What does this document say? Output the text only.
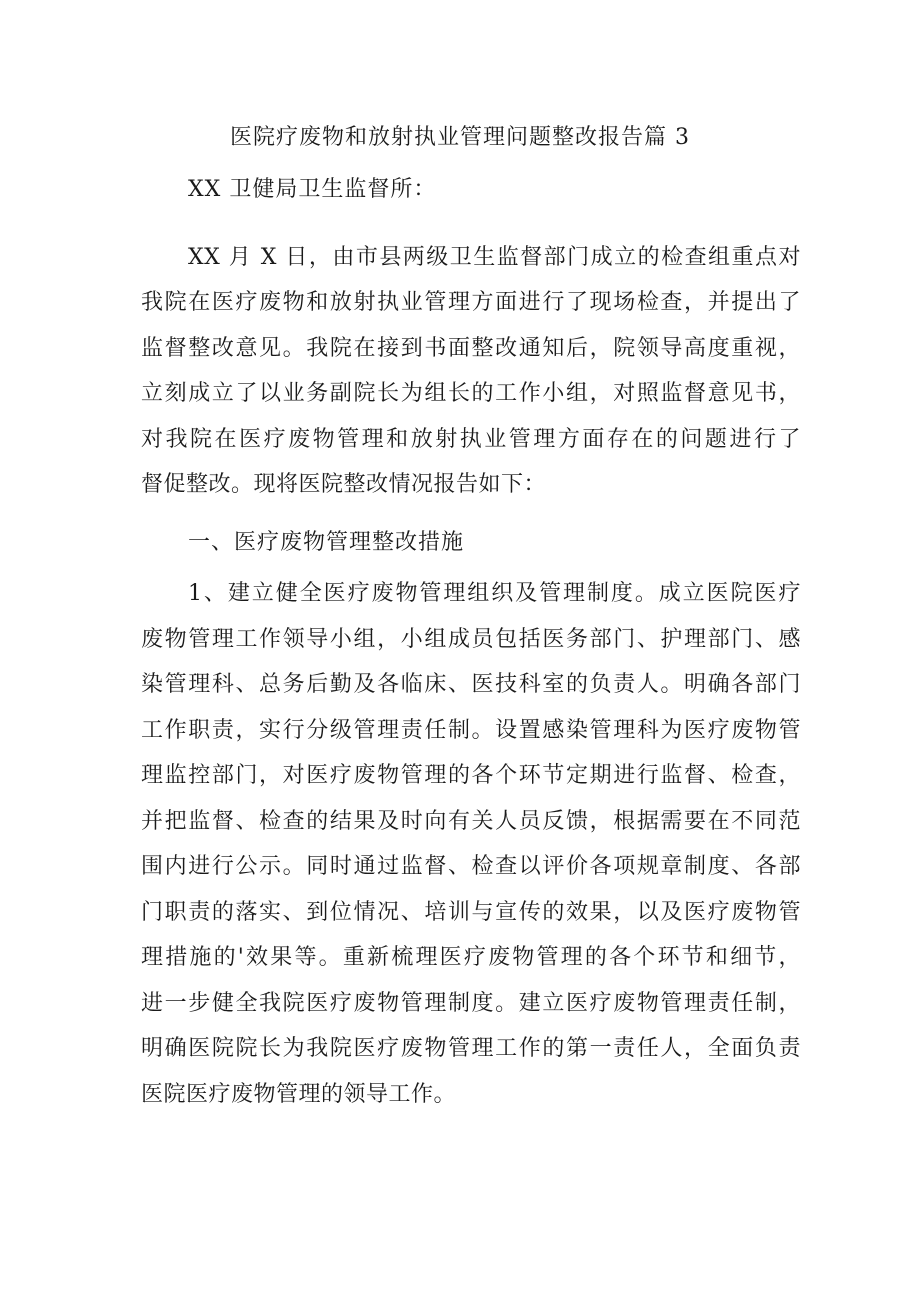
医院疗废物和放射执业管理问题整改报告篇 3
XX 卫健局卫生监督所：
XX 月 X 日，由市县两级卫生监督部门成立的检查组重点对
我院在医疗废物和放射执业管理方面进行了现场检查，并提出了
监督整改意见。我院在接到书面整改通知后，院领导高度重视，
立刻成立了以业务副院长为组长的工作小组，对照监督意见书，
对我院在医疗废物管理和放射执业管理方面存在的问题进行了
督促整改。现将医院整改情况报告如下：
一、医疗废物管理整改措施
1、建立健全医疗废物管理组织及管理制度。成立医院医疗
废物管理工作领导小组，小组成员包括医务部门、护理部门、感
染管理科、总务后勤及各临床、医技科室的负责人。明确各部门
工作职责，实行分级管理责任制。设置感染管理科为医疗废物管
理监控部门，对医疗废物管理的各个环节定期进行监督、检查，
并把监督、检查的结果及时向有关人员反馈，根据需要在不同范
围内进行公示。同时通过监督、检查以评价各项规章制度、各部
门职责的落实、到位情况、培训与宣传的效果，以及医疗废物管
理措施的'效果等。重新梳理医疗废物管理的各个环节和细节，
进一步健全我院医疗废物管理制度。建立医疗废物管理责任制，
明确医院院长为我院医疗废物管理工作的第一责任人，全面负责
医院医疗废物管理的领导工作。
